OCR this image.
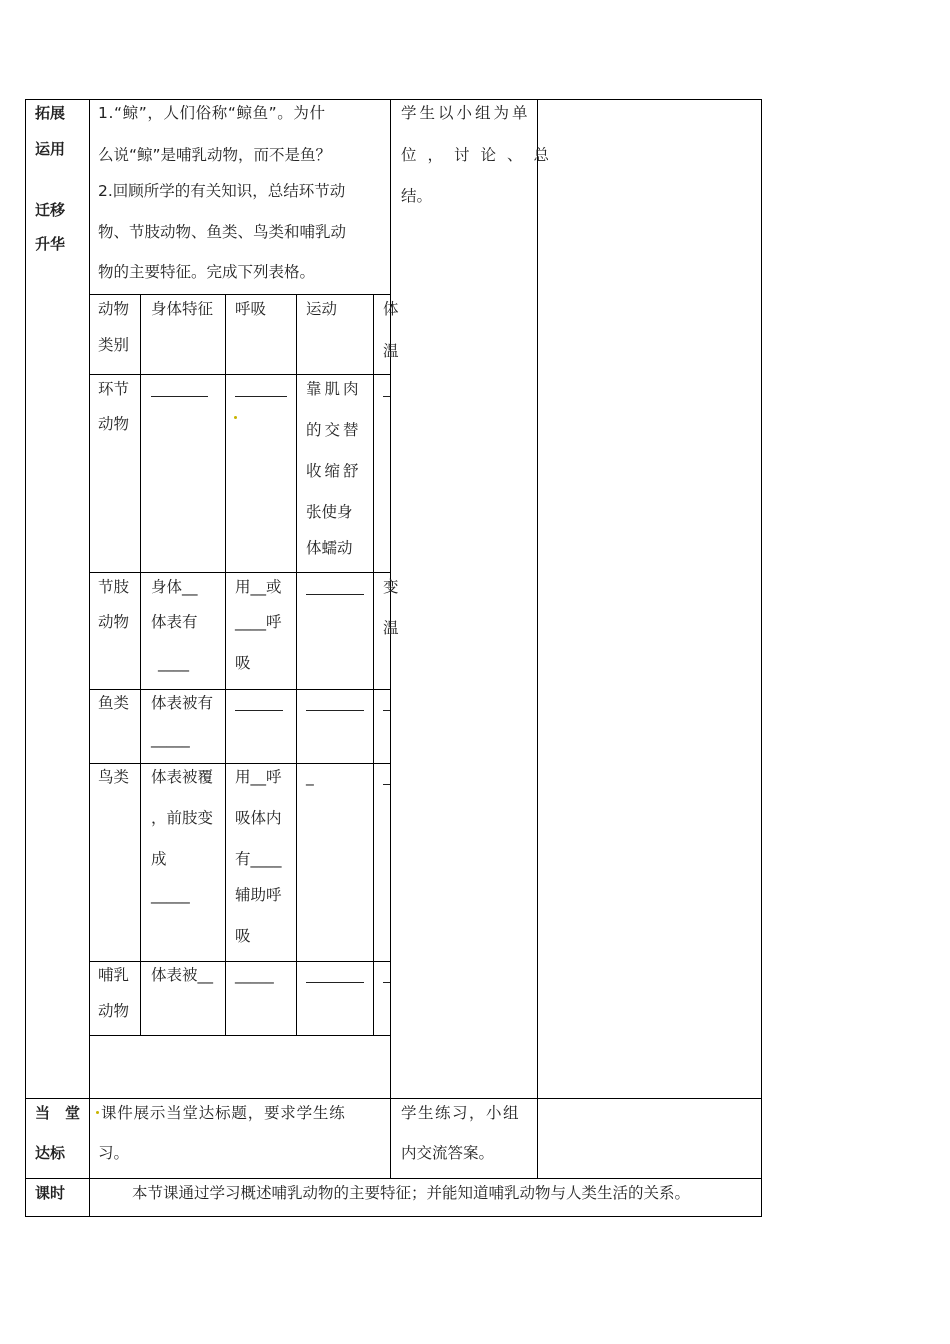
拓展
运用
迁移
升华
当　堂
达标
课时
1.“鲸”，人们俗称“鲸鱼”。为什
么说“鲸”是哺乳动物，而不是鱼？
2.回顾所学的有关知识，总结环节动
物、节肢动物、鱼类、鸟类和哺乳动
物的主要特征。完成下列表格。
学生以小组为单
位，讨论、总
结。
动物
类别
身体特征 呼吸	运动	体
温
环节
动物
靠肌肉
的交替
收缩舒
张使身
体蠕动
节肢
动物
身体__
体表有
____
用__或
____呼
吸
变
温
鱼类 体表被有
_____
鸟类 体表被覆
，前肢变
成
_____
用__呼
吸体内
有____
辅助呼
吸
_
哺乳
动物
体表被__ _____
课件展示当堂达标题，要求学生练
习。
学生练习，小组
内交流答案。
本节课通过学习概述哺乳动物的主要特征；并能知道哺乳动物与人类生活的关系。
